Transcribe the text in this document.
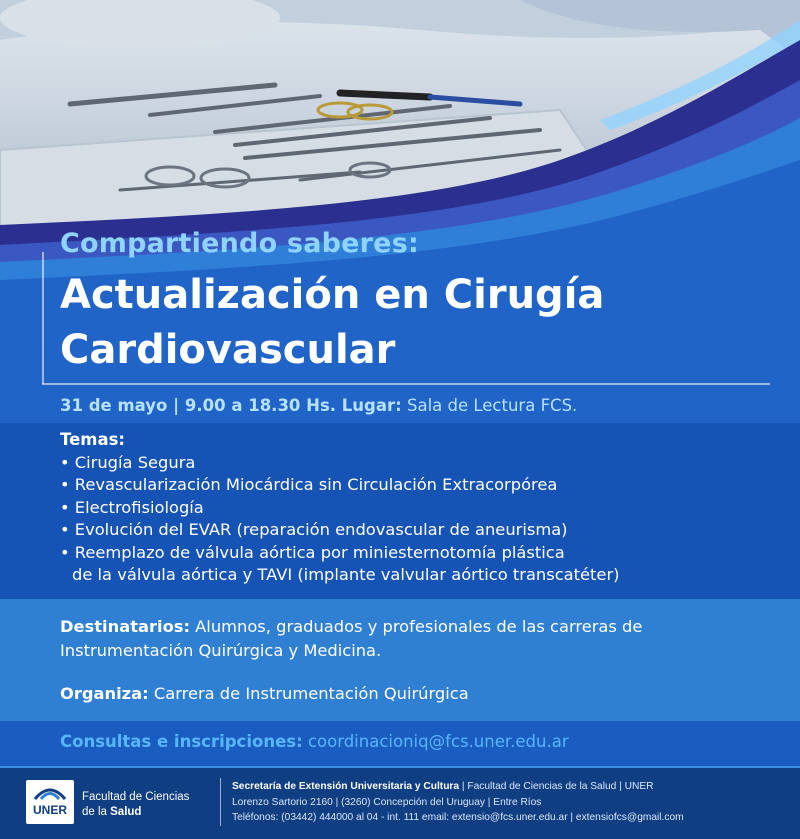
Compartiendo saberes:
Actualización en Cirugía
Cardiovascular
31 de mayo | 9.00 a 18.30 Hs. Lugar: Sala de Lectura FCS.
Temas:
• Cirugía Segura
• Revascularización Miocárdica sin Circulación Extracorpórea
• Electrofisiología
• Evolución del EVAR (reparación endovascular de aneurisma)
• Reemplazo de válvula aórtica por miniesternotomía plástica
de la válvula aórtica y TAVI (implante valvular aórtico transcatéter)
Destinatarios: Alumnos, graduados y profesionales de las carreras de Instrumentación Quirúrgica y Medicina.
Organiza: Carrera de Instrumentación Quirúrgica
Consultas e inscripciones: coordinacioniq@fcs.uner.edu.ar
UNER
Facultad de Ciencias
de la Salud
Secretaría de Extensión Universitaria y Cultura | Facultad de Ciencias de la Salud | UNER
Lorenzo Sartorio 2160 | (3260) Concepción del Uruguay | Entre Ríos
Teléfonos: (03442) 444000 al 04 - int. 111 email: extensio@fcs.uner.edu.ar | extensiofcs@gmail.com
